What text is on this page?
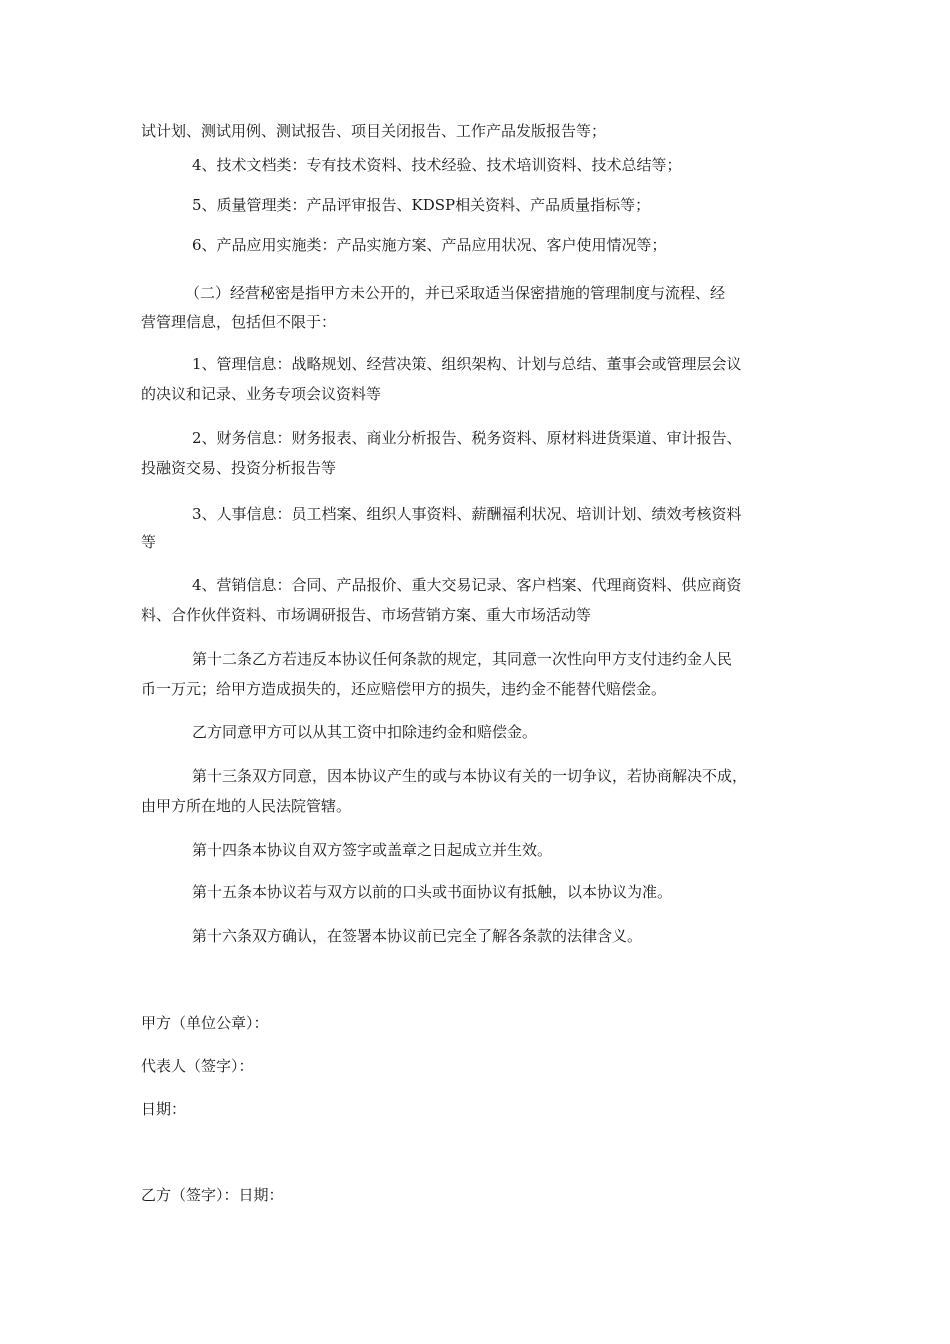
试计划、测试用例、测试报告、项目关闭报告、工作产品发版报告等；

4、技术文档类：专有技术资料、技术经验、技术培训资料、技术总结等；

5、质量管理类：产品评审报告、KDSP相关资料、产品质量指标等；

6、产品应用实施类：产品实施方案、产品应用状况、客户使用情况等；

（二）经营秘密是指甲方未公开的，并已采取适当保密措施的管理制度与流程、经

营管理信息，包括但不限于：

1、管理信息：战略规划、经营决策、组织架构、计划与总结、董事会或管理层会议

的决议和记录、业务专项会议资料等

2、财务信息：财务报表、商业分析报告、税务资料、原材料进货渠道、审计报告、

投融资交易、投资分析报告等

3、人事信息：员工档案、组织人事资料、薪酬福利状况、培训计划、绩效考核资料

等

4、营销信息：合同、产品报价、重大交易记录、客户档案、代理商资料、供应商资

料、合作伙伴资料、市场调研报告、市场营销方案、重大市场活动等

第十二条乙方若违反本协议任何条款的规定，其同意一次性向甲方支付违约金人民

币一万元；给甲方造成损失的，还应赔偿甲方的损失，违约金不能替代赔偿金。

乙方同意甲方可以从其工资中扣除违约金和赔偿金。

第十三条双方同意，因本协议产生的或与本协议有关的一切争议，若协商解决不成，

由甲方所在地的人民法院管辖。

第十四条本协议自双方签字或盖章之日起成立并生效。

第十五条本协议若与双方以前的口头或书面协议有抵触，以本协议为准。

第十六条双方确认，在签署本协议前已完全了解各条款的法律含义。

甲方（单位公章）：

代表人（签字）：

日期：

乙方（签字）：日期：
